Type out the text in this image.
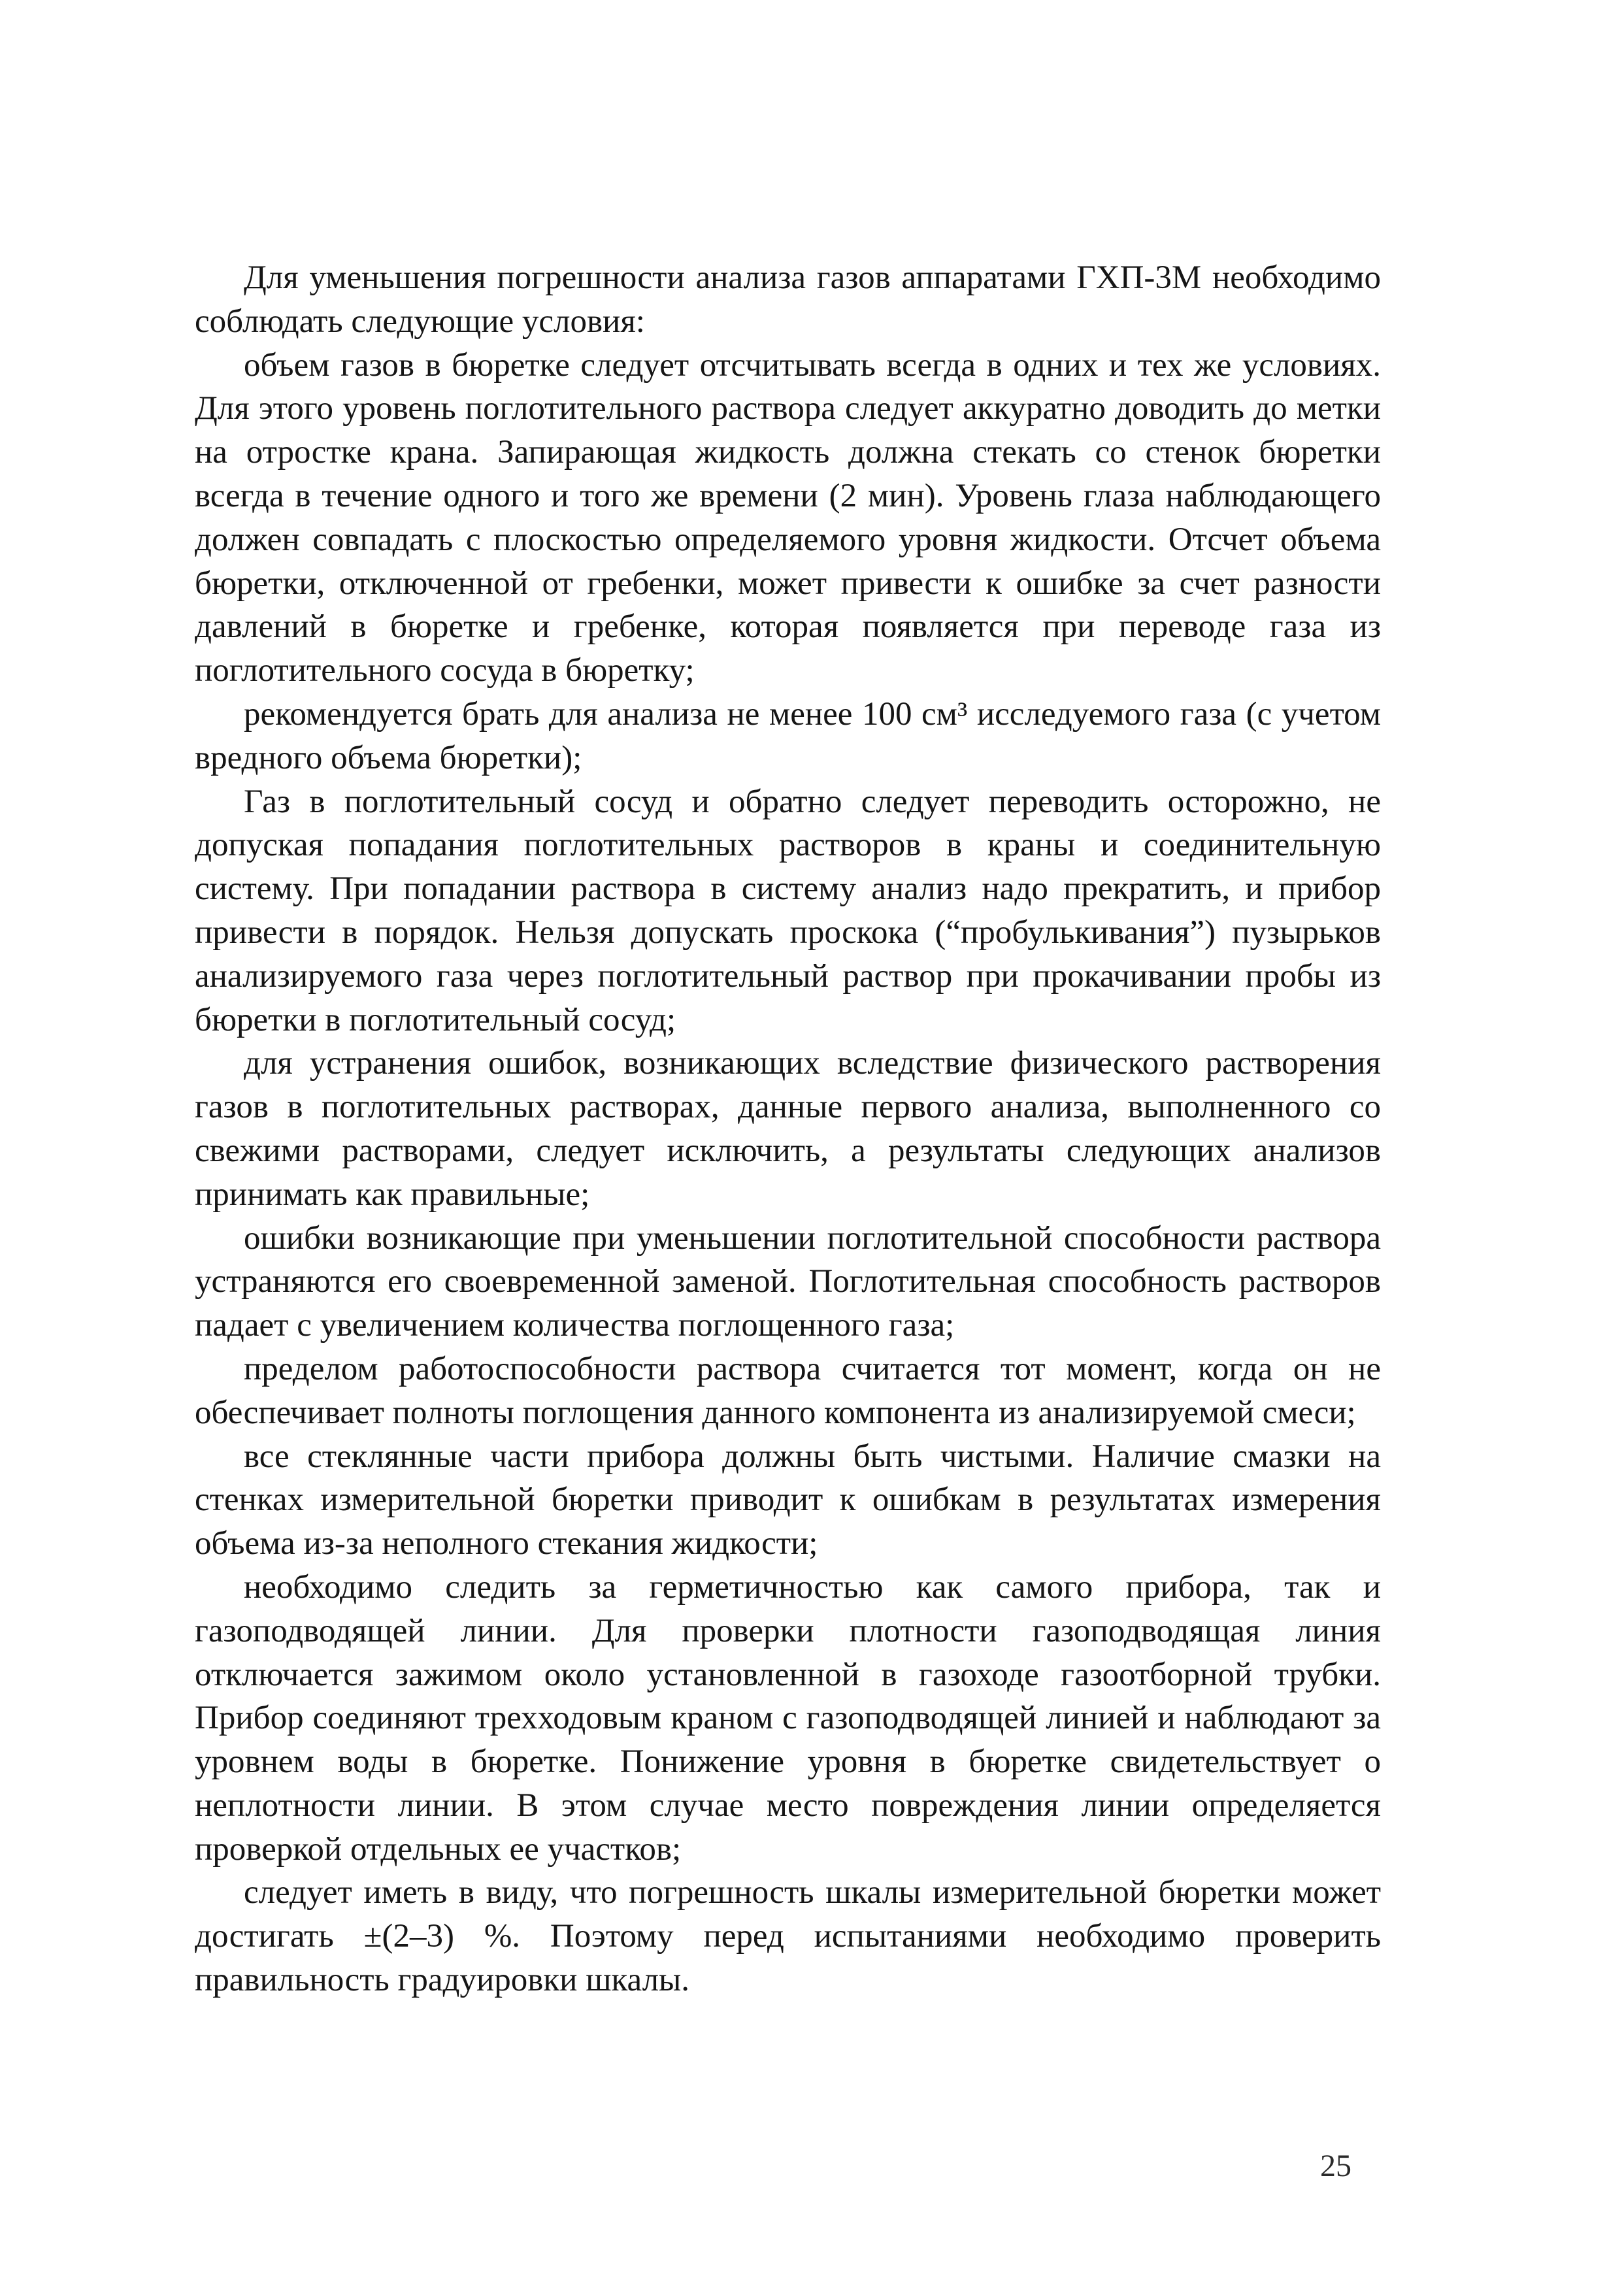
Для уменьшения погрешности анализа газов аппаратами ГХП-3М необходимо соблюдать следующие условия:

объем газов в бюретке следует отсчитывать всегда в одних и тех же условиях. Для этого уровень поглотительного раствора следует аккуратно доводить до метки на отростке крана. Запирающая жидкость должна стекать со стенок бюретки всегда в течение одного и того же времени (2 мин). Уровень глаза наблюдающего должен совпадать с плоскостью определяемого уровня жидкости. Отсчет объема бюретки, отключенной от гребенки, может привести к ошибке за счет разности давлений в бюретке и гребенке, которая появляется при переводе газа из поглотительного сосуда в бюретку;

рекомендуется брать для анализа не менее 100 см³ исследуемого газа (с учетом вредного объема бюретки);

Газ в поглотительный сосуд и обратно следует переводить осторожно, не допуская попадания поглотительных растворов в краны и соединительную систему. При попадании раствора в систему анализ надо прекратить, и прибор привести в порядок. Нельзя допускать проскока (“пробулькивания”) пузырьков анализируемого газа через поглотительный раствор при прокачивании пробы из бюретки в поглотительный сосуд;

для устранения ошибок, возникающих вследствие физического растворения газов в поглотительных растворах, данные первого анализа, выполненного со свежими растворами, следует исключить, а результаты следующих анализов принимать как правильные;

ошибки возникающие при уменьшении поглотительной способности раствора устраняются его своевременной заменой. Поглотительная способность растворов падает с увеличением количества поглощенного газа;

пределом работоспособности раствора считается тот момент, когда он не обеспечивает полноты поглощения данного компонента из анализируемой смеси;

все стеклянные части прибора должны быть чистыми. Наличие смазки на стенках измерительной бюретки приводит к ошибкам в результатах измерения объема из-за неполного стекания жидкости;

необходимо следить за герметичностью как самого прибора, так и газоподводящей линии. Для проверки плотности газоподводящая линия отключается зажимом около установленной в газоходе газоотборной трубки. Прибор соединяют трехходовым краном с газоподводящей линией и наблюдают за уровнем воды в бюретке. Понижение уровня в бюретке свидетельствует о неплотности линии. В этом случае место повреждения линии определяется проверкой отдельных ее участков;

следует иметь в виду, что погрешность шкалы измерительной бюретки может достигать ±(2–3) %. Поэтому перед испытаниями необходимо проверить правильность градуировки шкалы.

25
